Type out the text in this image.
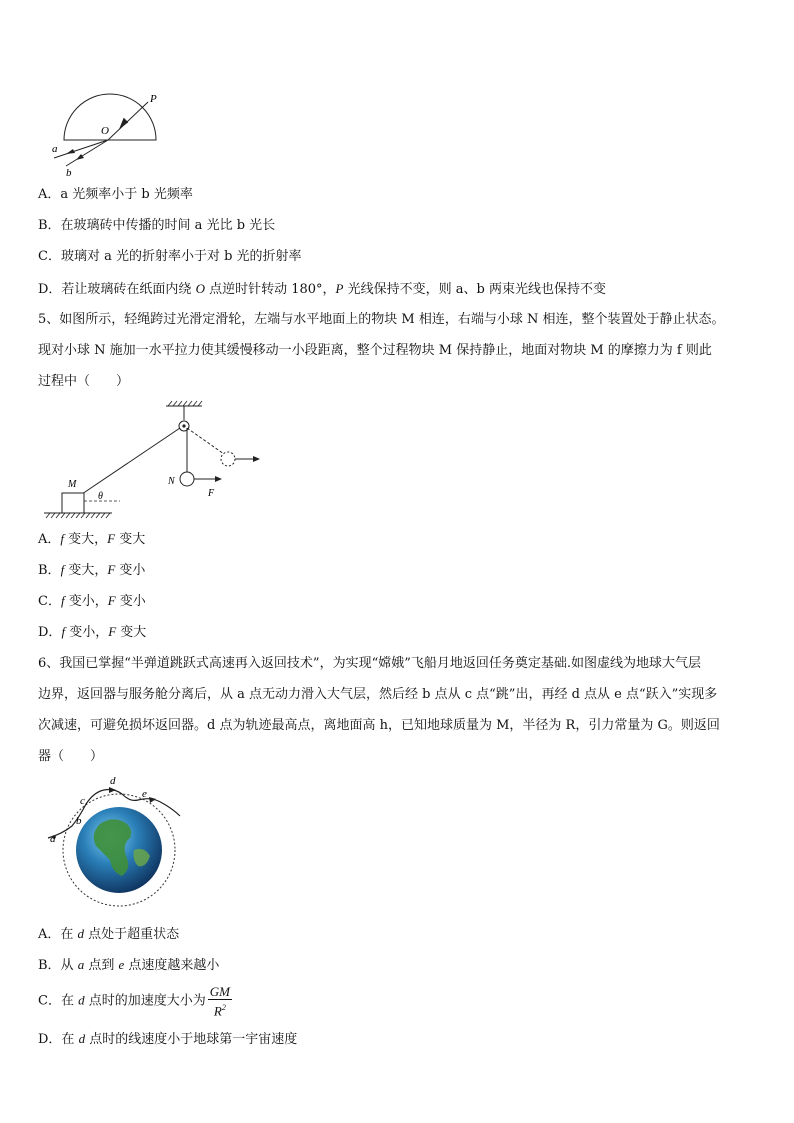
P
O
a
b
A．a 光频率小于 b 光频率
B．在玻璃砖中传播的时间 a 光比 b 光长
C．玻璃对 a 光的折射率小于对 b 光的折射率
D．若让玻璃砖在纸面内绕 O 点逆时针转动 180°，P 光线保持不变，则 a、b 两束光线也保持不变
5、如图所示，轻绳跨过光滑定滑轮，左端与水平地面上的物块 M 相连，右端与小球 N 相连，整个装置处于静止状态。
现对小球 N 施加一水平拉力使其缓慢移动一小段距离，整个过程物块 M 保持静止，地面对物块 M 的摩擦力为 f 则此
过程中（　　）
M
θ
N
F
A．f 变大，F 变大
B．f 变大，F 变小
C．f 变小，F 变小
D．f 变小，F 变大
6、我国已掌握“半弹道跳跃式高速再入返回技术”，为实现“嫦娥”飞船月地返回任务奠定基础.如图虚线为地球大气层
边界，返回器与服务舱分离后，从 a 点无动力滑入大气层，然后经 b 点从 c 点“跳”出，再经 d 点从 e 点“跃入”实现多
次减速，可避免损坏返回器。d 点为轨迹最高点，离地面高 h，已知地球质量为 M，半径为 R，引力常量为 G。则返回
器（　　）
a
b
c
d
e
A．在 d 点处于超重状态
B．从 a 点到 e 点速度越来越小
C．在 d 点时的加速度大小为 $\frac{GM}{R^2}$
D．在 d 点时的线速度小于地球第一宇宙速度
